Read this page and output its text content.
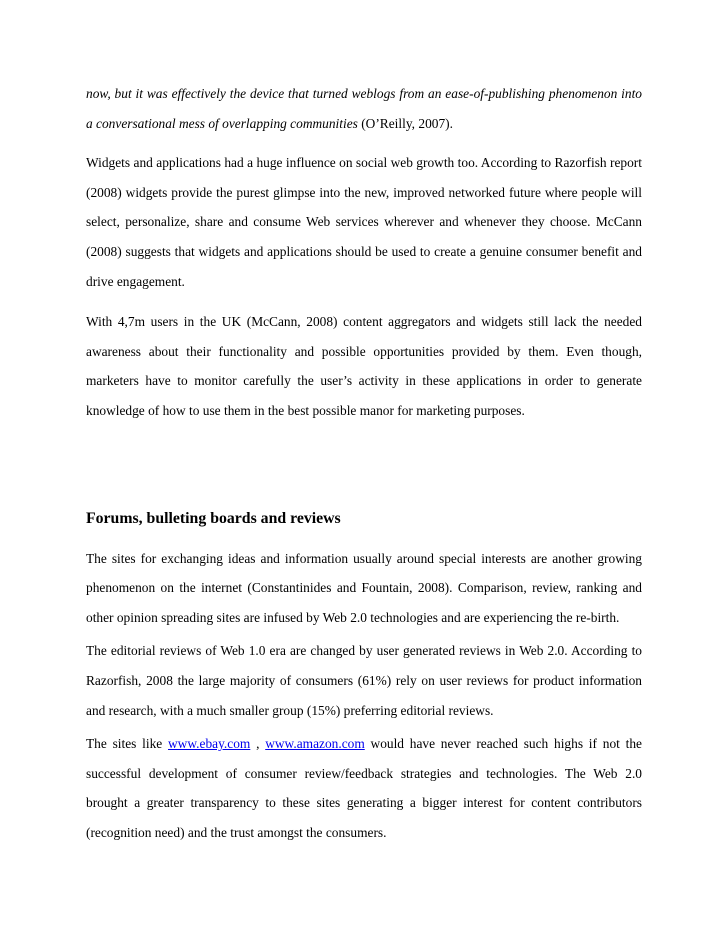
now, but it was effectively the device that turned weblogs from an ease-of-publishing phenomenon into a conversational mess of overlapping communities (O’Reilly, 2007).

Widgets and applications had a huge influence on social web growth too. According to Razorfish report (2008) widgets provide the purest glimpse into the new, improved networked future where people will select, personalize, share and consume Web services wherever and whenever they choose. McCann (2008) suggests that widgets and applications should be used to create a genuine consumer benefit and drive engagement.

With 4,7m users in the UK (McCann, 2008) content aggregators and widgets still lack the needed awareness about their functionality and possible opportunities provided by them. Even though, marketers have to monitor carefully the user’s activity in these applications in order to generate knowledge of how to use them in the best possible manor for marketing purposes.

Forums, bulleting boards and reviews

The sites for exchanging ideas and information usually around special interests are another growing phenomenon on the internet (Constantinides and Fountain, 2008). Comparison, review, ranking and other opinion spreading sites are infused by Web 2.0 technologies and are experiencing the re-birth.

The editorial reviews of Web 1.0 era are changed by user generated reviews in Web 2.0. According to Razorfish, 2008 the large majority of consumers (61%) rely on user reviews for product information and research, with a much smaller group (15%) preferring editorial reviews.

The sites like www.ebay.com , www.amazon.com would have never reached such highs if not the successful development of consumer review/feedback strategies and technologies. The Web 2.0 brought a greater transparency to these sites generating a bigger interest for content contributors (recognition need) and the trust amongst the consumers.
